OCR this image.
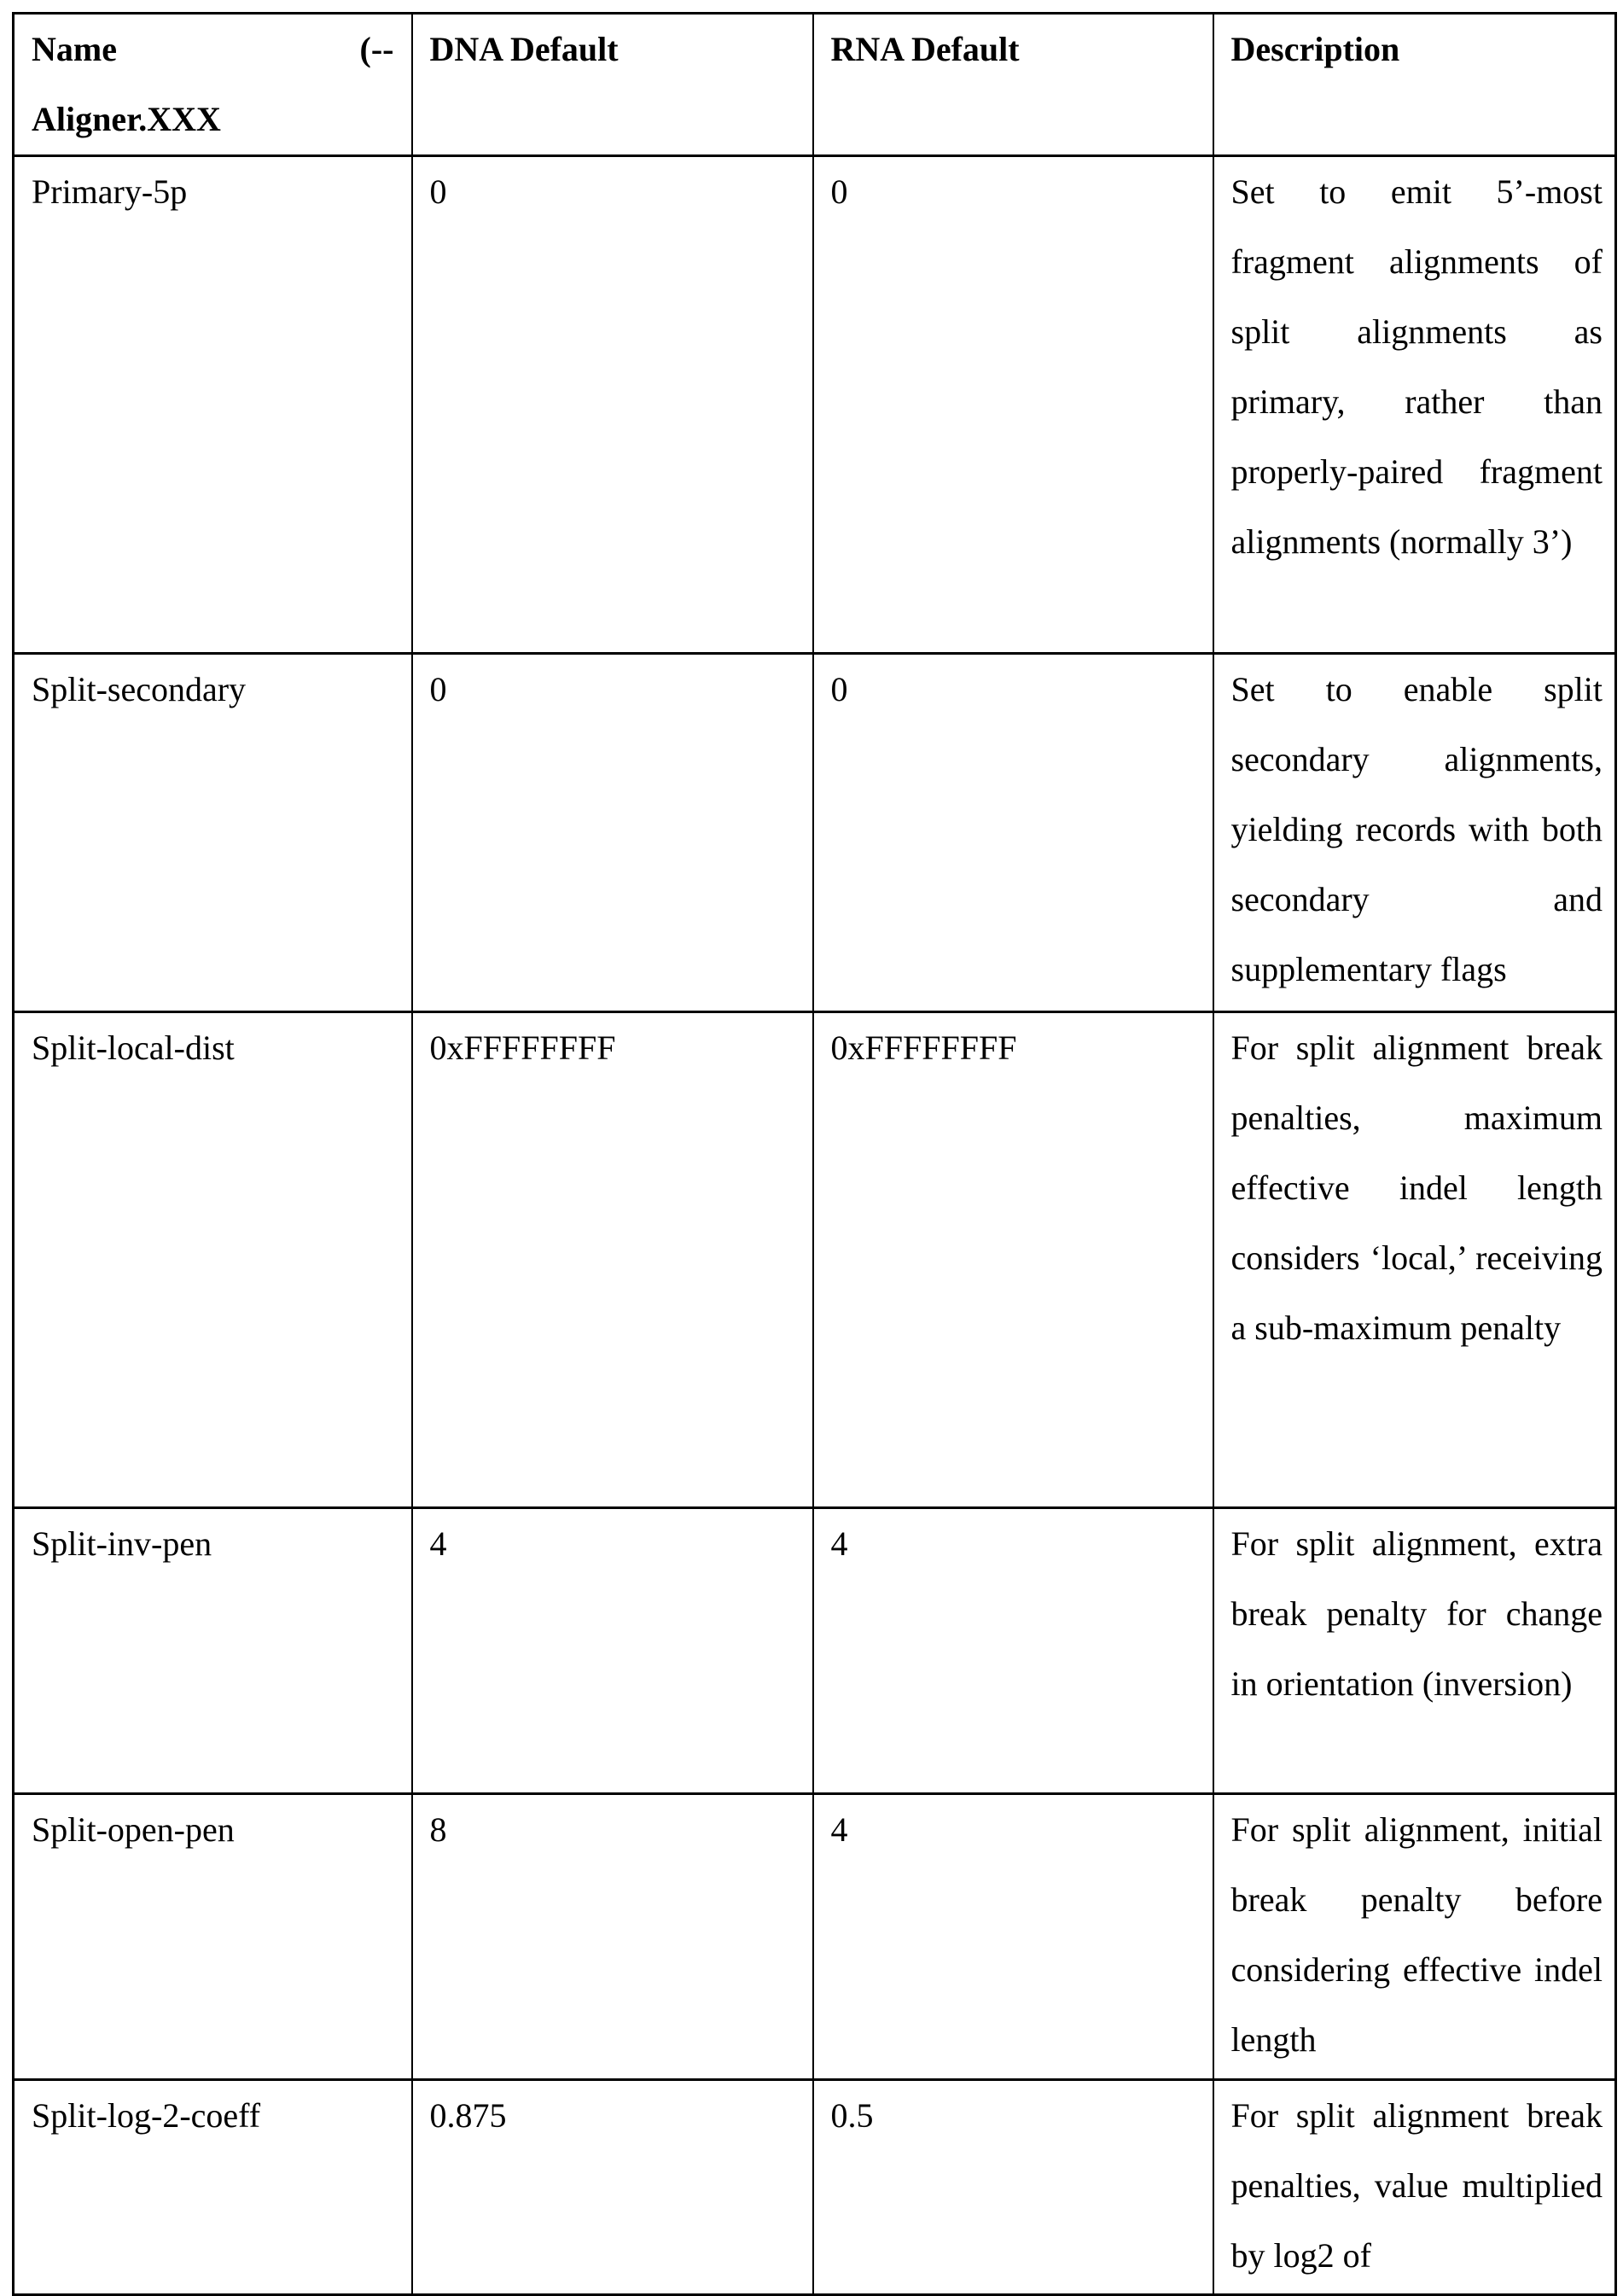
Name (--
Aligner.XXX	DNA Default	RNA Default	Description
Primary-5p	0	0	Set to emit 5’-most fragment alignments of split alignments as primary, rather than properly-paired fragment alignments (normally 3’)
Split-secondary	0	0	Set to enable split secondary alignments, yielding records with both secondary and supplementary flags
Split-local-dist	0xFFFFFFFF	0xFFFFFFFF	For split alignment break penalties, maximum effective indel length considers ‘local,’ receiving a sub-maximum penalty
Split-inv-pen	4	4	For split alignment, extra break penalty for change in orientation (inversion)
Split-open-pen	8	4	For split alignment, initial break penalty before considering effective indel length
Split-log-2-coeff	0.875	0.5	For split alignment break penalties, value multiplied by log2 of
